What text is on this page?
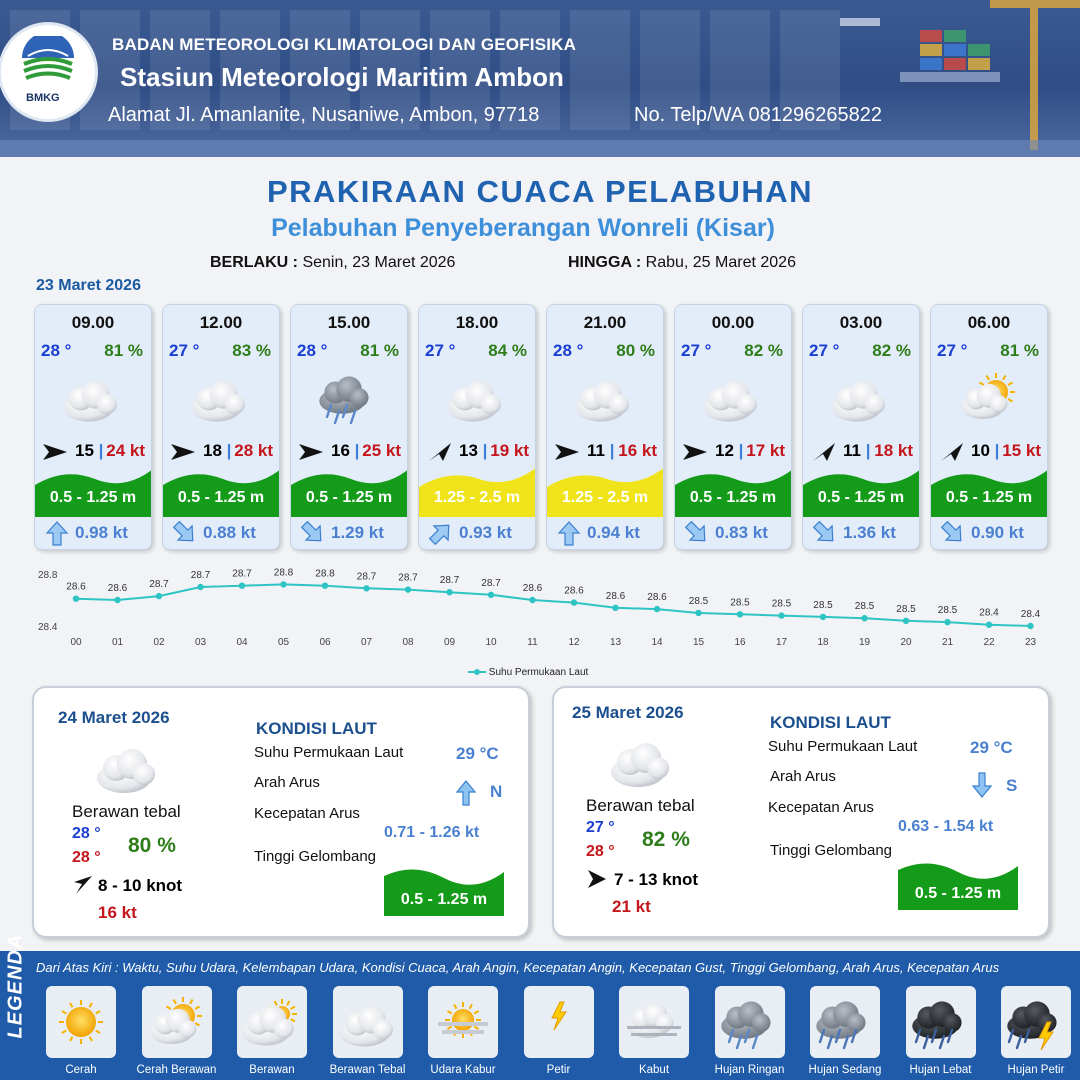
BMKG
BADAN METEOROLOGI KLIMATOLOGI DAN GEOFISIKA
Stasiun Meteorologi Maritim Ambon
Alamat Jl. Amanlanite, Nusaniwe, Ambon, 97718	No. Telp/WA 081296265822
PRAKIRAAN CUACA PELABUHAN
Pelabuhan Penyeberangan Wonreli (Kisar)
BERLAKU : Senin, 23 Maret 2026	HINGGA : Rabu, 25 Maret 2026
23 Maret 2026
09.00
28 ° 81 %
15 | 24 kt
0.5 - 1.25 m
0.98 kt
12.00
27 ° 83 %
18 | 28 kt
0.5 - 1.25 m
0.88 kt
15.00
28 ° 81 %
16 | 25 kt
0.5 - 1.25 m
1.29 kt
18.00
27 ° 84 %
13 | 19 kt
1.25 - 2.5 m
0.93 kt
21.00
28 ° 80 %
11 | 16 kt
1.25 - 2.5 m
0.94 kt
00.00
27 ° 82 %
12 | 17 kt
0.5 - 1.25 m
0.83 kt
03.00
27 ° 82 %
11 | 18 kt
0.5 - 1.25 m
1.36 kt
06.00
27 ° 81 %
10 | 15 kt
0.5 - 1.25 m
0.90 kt
28.8
28.4
28.6
00
28.6
01
28.7
02
28.7
03
28.7
04
28.8
05
28.8
06
28.7
07
28.7
08
28.7
09
28.7
10
28.6
11
28.6
12
28.6
13
28.6
14
28.5
15
28.5
16
28.5
17
28.5
18
28.5
19
28.5
20
28.5
21
28.4
22
28.4
23
Suhu Permukaan Laut
24 Maret 2026
Berawan tebal
28 °
28 °
80 %
8 - 10 knot
16 kt
KONDISI LAUT
Suhu Permukaan Laut	29 °C
Arah Arus	N
Kecepatan Arus
0.71 - 1.26 kt
Tinggi Gelombang
0.5 - 1.25 m
25 Maret 2026
Berawan tebal
27 °
28 °
82 %
7 - 13 knot
21 kt
KONDISI LAUT
Suhu Permukaan Laut	29 °C
Arah Arus	S
Kecepatan Arus
0.63 - 1.54 kt
Tinggi Gelombang
0.5 - 1.25 m
LEGENDA Dari Atas Kiri : Waktu, Suhu Udara, Kelembapan Udara, Kondisi Cuaca, Arah Angin, Kecepatan Angin, Kecepatan Gust, Tinggi Gelombang, Arah Arus, Kecepatan Arus
Cerah	Cerah Berawan	Berawan	Berawan Tebal	Udara Kabur	Petir	Kabut	Hujan Ringan	Hujan Sedang	Hujan Lebat	Hujan Petir
